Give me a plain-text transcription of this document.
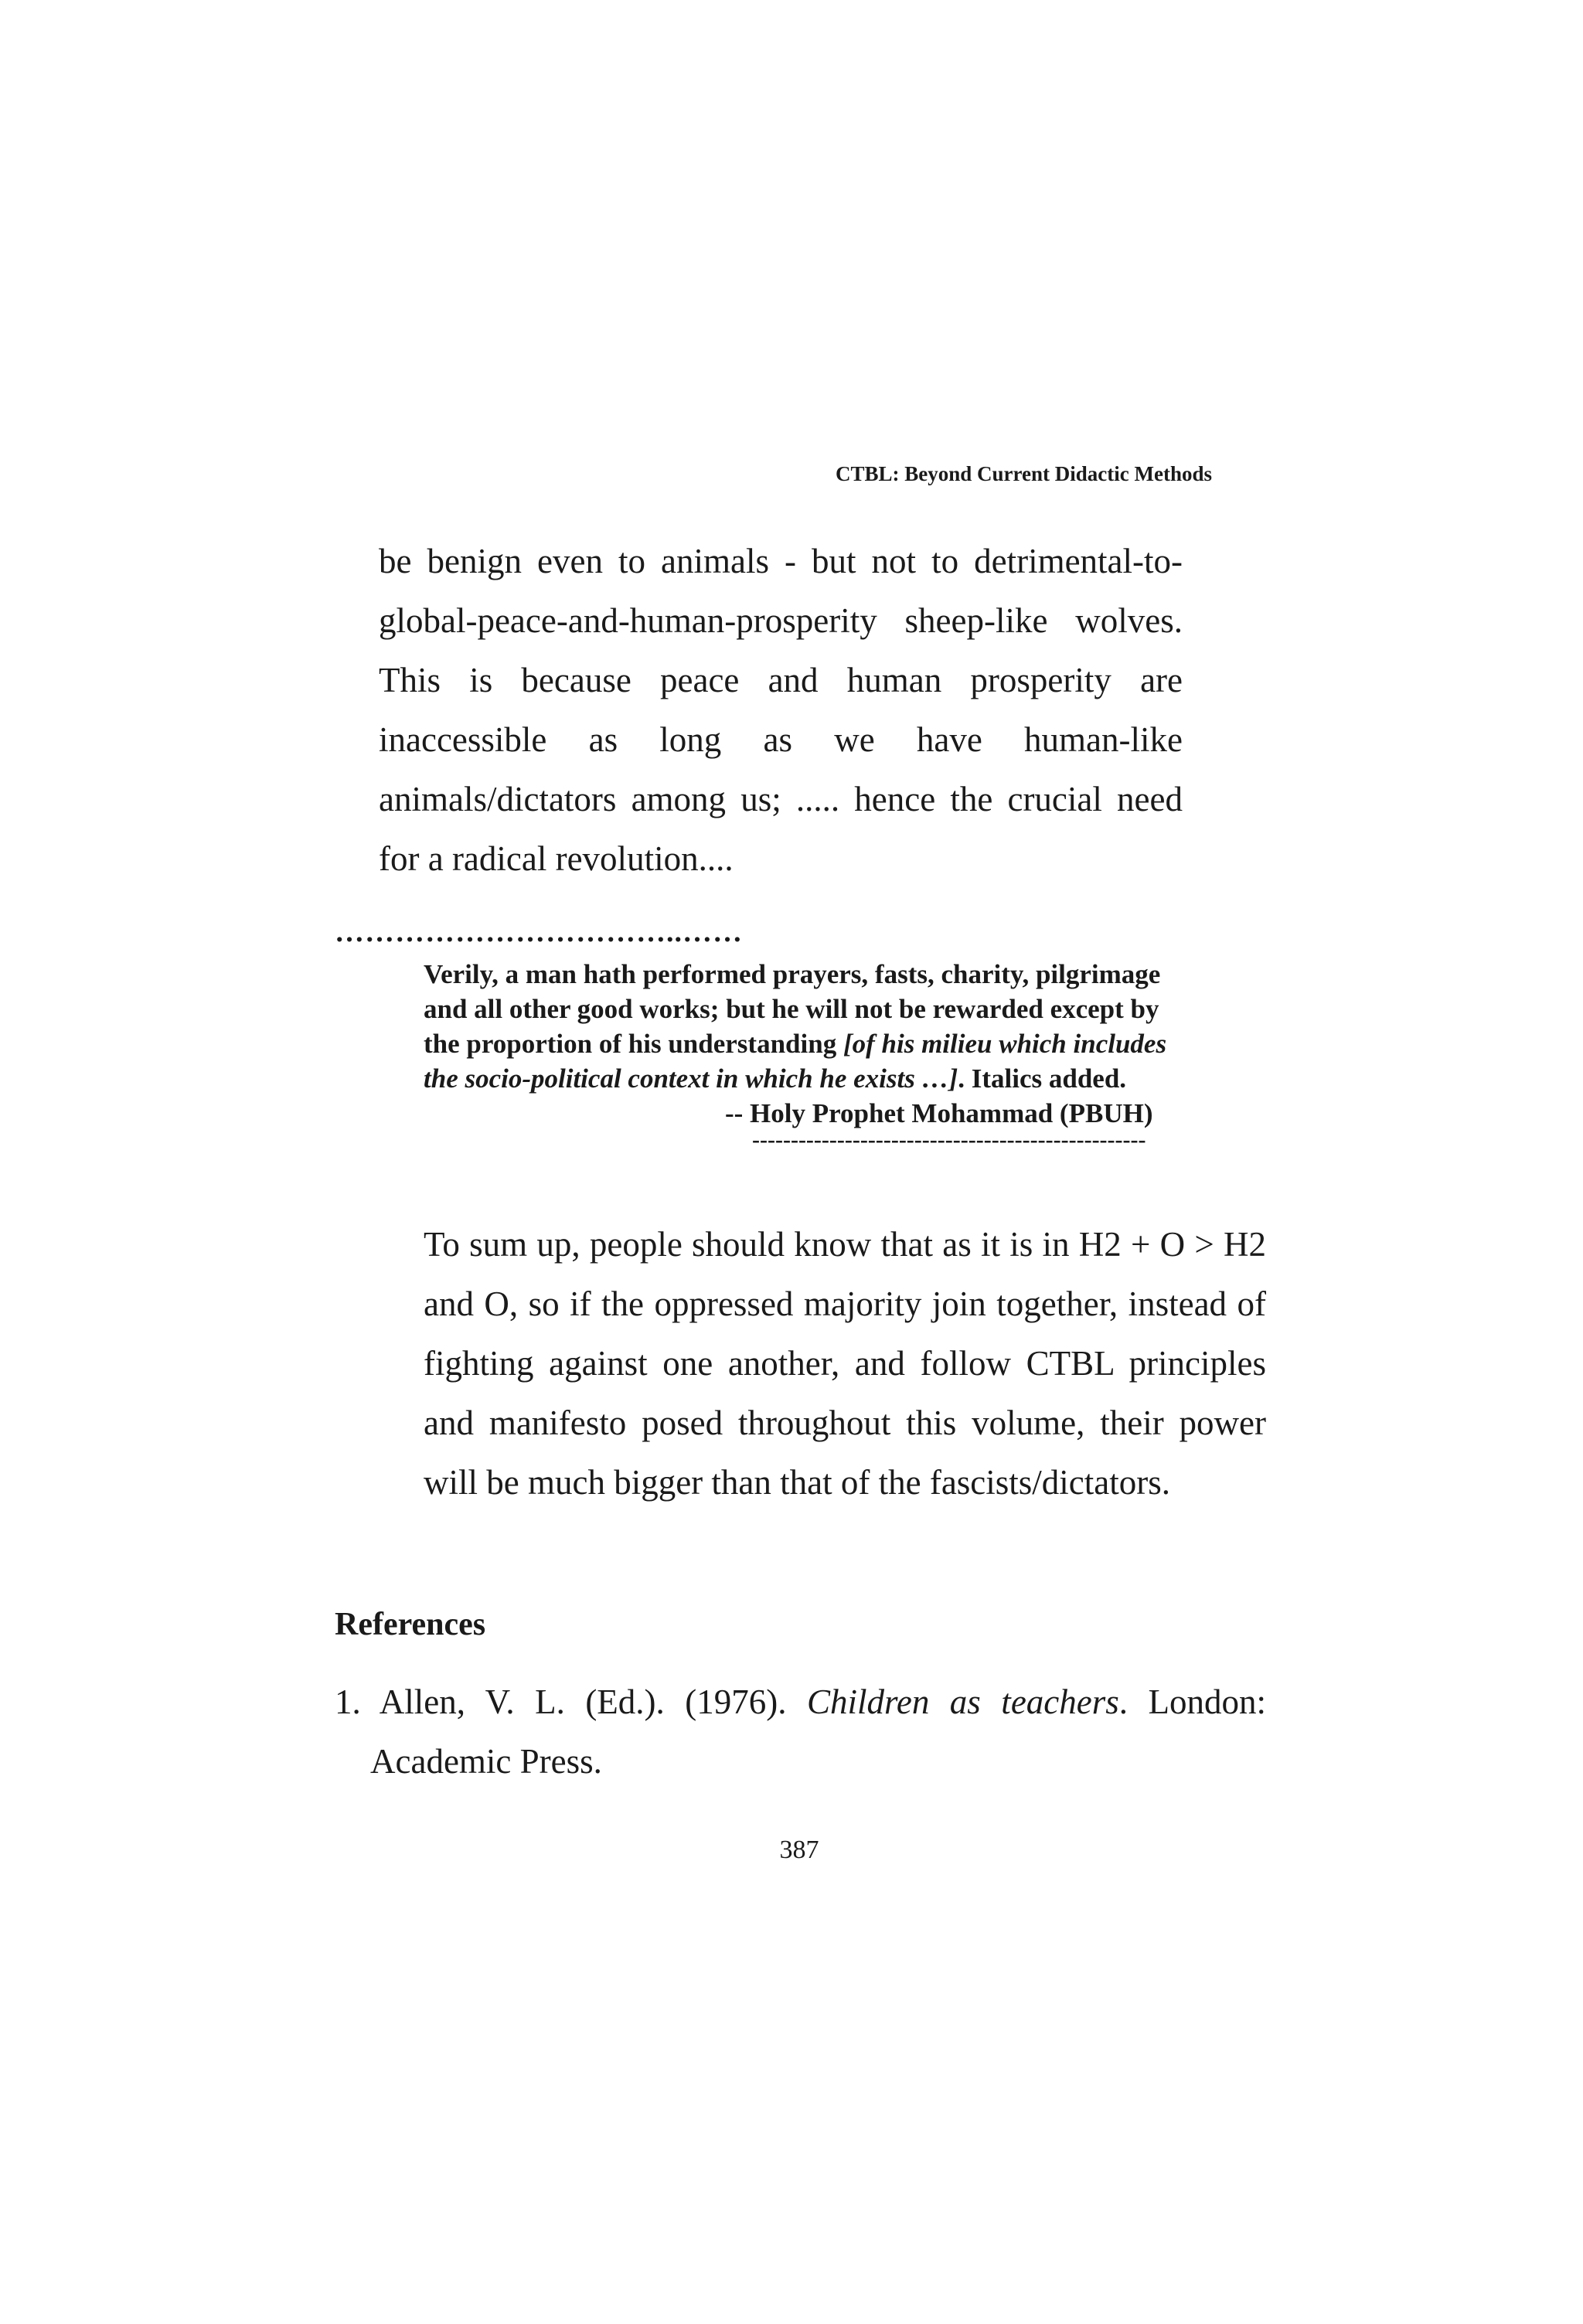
CTBL: Beyond Current Didactic Methods

be benign even to animals - but not to detrimental-to-
global-peace-and-human-prosperity sheep-like wolves.
This is because peace and human prosperity are
inaccessible as long as we have human-like
animals/dictators among us; ..... hence the crucial need
for a radical revolution....

……………………………..……
Verily, a man hath performed prayers, fasts, charity, pilgrimage
and all other good works; but he will not be rewarded except by
the proportion of his understanding [of his milieu which includes
the socio-political context in which he exists …]. Italics added.
-- Holy Prophet Mohammad (PBUH)
---------------------------------------------------
To sum up, people should know that as it is in H2 + O > H2
and O, so if the oppressed majority join together, instead of
fighting against one another, and follow CTBL principles
and manifesto posed throughout this volume, their power
will be much bigger than that of the fascists/dictators.
References
1. Allen, V. L. (Ed.). (1976). Children as teachers. London:
Academic Press.
387
